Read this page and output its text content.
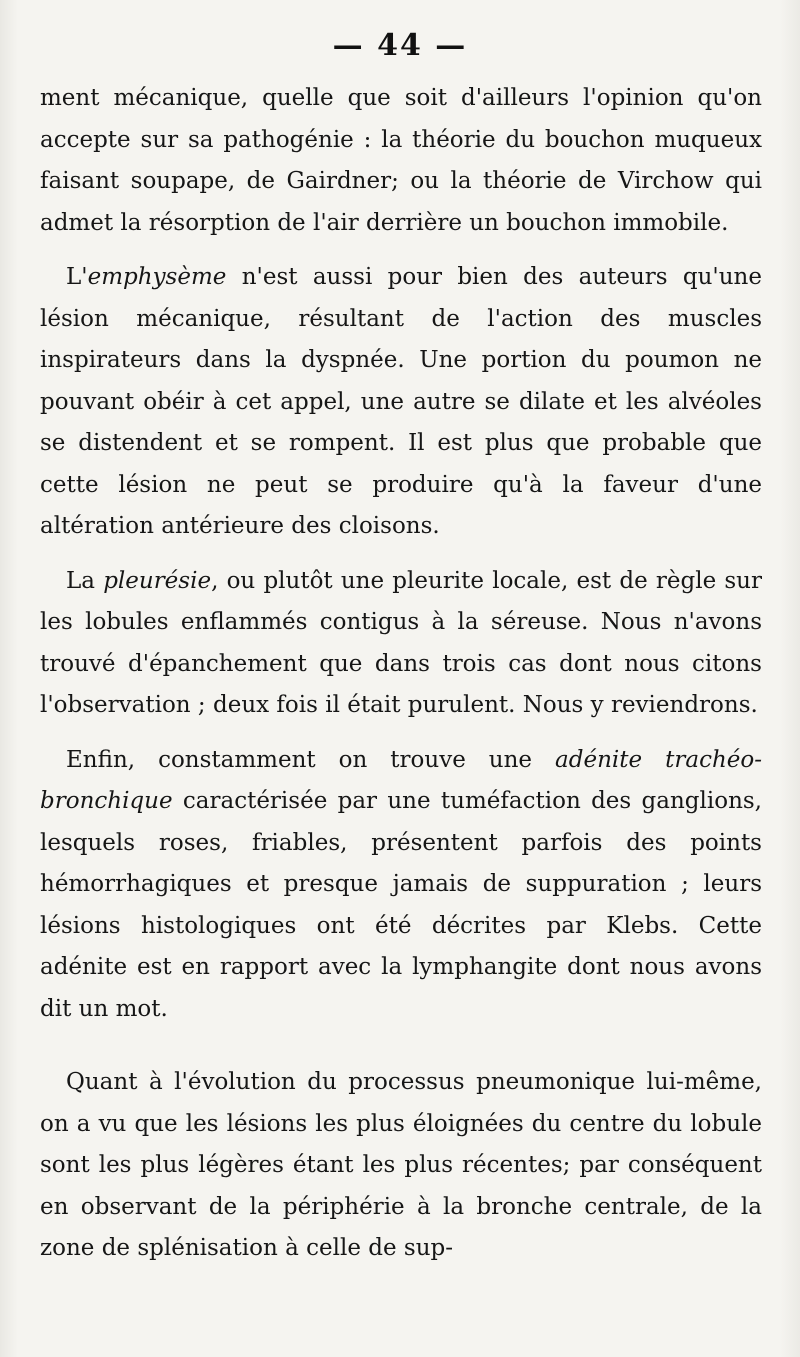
— 44 —

ment mécanique, quelle que soit d'ailleurs l'opinion qu'on accepte sur sa pathogénie : la théorie du bouchon muqueux faisant soupape, de Gairdner; ou la théorie de Virchow qui admet la résorption de l'air derrière un bouchon immobile.

L'emphysème n'est aussi pour bien des auteurs qu'une lésion mécanique, résultant de l'action des muscles inspirateurs dans la dyspnée. Une portion du poumon ne pouvant obéir à cet appel, une autre se dilate et les alvéoles se distendent et se rompent. Il est plus que probable que cette lésion ne peut se produire qu'à la faveur d'une altération antérieure des cloisons.

La pleurésie, ou plutôt une pleurite locale, est de règle sur les lobules enflammés contigus à la séreuse. Nous n'avons trouvé d'épanchement que dans trois cas dont nous citons l'observation ; deux fois il était purulent. Nous y reviendrons.

Enfin, constamment on trouve une adénite trachéo-bronchique caractérisée par une tuméfaction des ganglions, lesquels roses, friables, présentent parfois des points hémorrhagiques et presque jamais de suppuration ; leurs lésions histologiques ont été décrites par Klebs. Cette adénite est en rapport avec la lymphangite dont nous avons dit un mot.

Quant à l'évolution du processus pneumonique lui-même, on a vu que les lésions les plus éloignées du centre du lobule sont les plus légères étant les plus récentes; par conséquent en observant de la périphérie à la bronche centrale, de la zone de splénisation à celle de sup-
